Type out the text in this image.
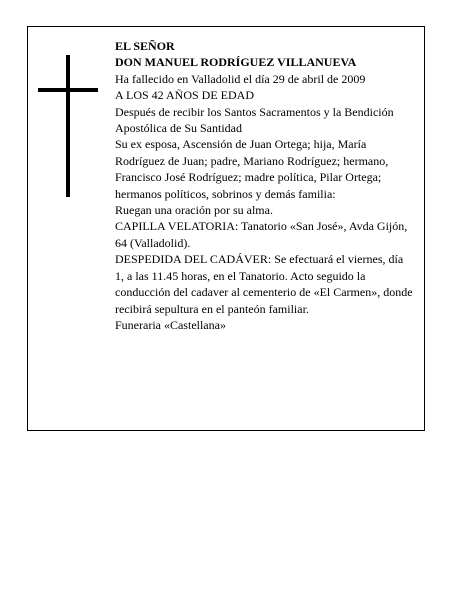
EL SEÑOR

DON MANUEL RODRÍGUEZ VILLANUEVA

Ha fallecido en Valladolid el día 29 de abril de 2009

A LOS 42 AÑOS DE EDAD

Después de recibir los Santos Sacramentos y la Bendición Apostólica de Su Santidad

Su ex esposa, Ascensión de Juan Ortega; hija, María Rodríguez de Juan; padre, Mariano Rodríguez; hermano, Francisco José Rodríguez; madre política, Pilar Ortega; hermanos políticos, sobrinos y demás familia:

Ruegan una oración por su alma.

CAPILLA VELATORIA: Tanatorio «San José», Avda Gijón, 64 (Valladolid).

DESPEDIDA DEL CADÁVER: Se efectuará el viernes, día 1, a las 11.45 horas, en el Tanatorio. Acto seguido la conducción del cadaver al cementerio de «El Carmen», donde recibirá sepultura en el panteón familiar.

Funeraria «Castellana»
